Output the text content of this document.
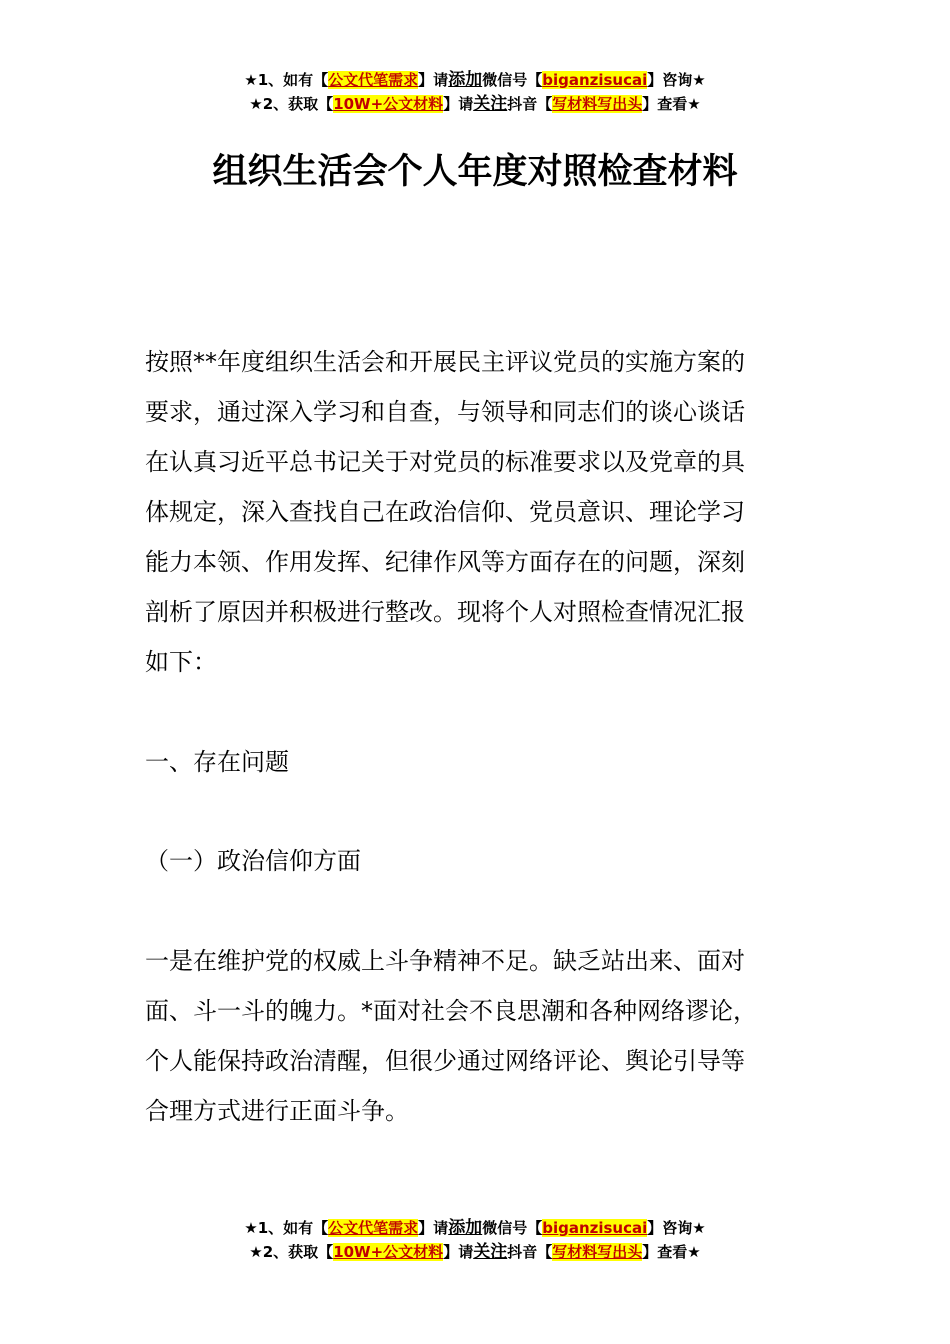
★1、如有【公文代笔需求】请添加微信号【biganzisucai】咨询★
★2、获取【10W+公文材料】请关注抖音【写材料写出头】查看★
组织生活会个人年度对照检查材料
按照**年度组织生活会和开展民主评议党员的实施方案的
要求，通过深入学习和自查，与领导和同志们的谈心谈话
在认真习近平总书记关于对党员的标准要求以及党章的具
体规定，深入查找自己在政治信仰、党员意识、理论学习
能力本领、作用发挥、纪律作风等方面存在的问题，深刻
剖析了原因并积极进行整改。现将个人对照检查情况汇报
如下：
一、存在问题
（一）政治信仰方面
一是在维护党的权威上斗争精神不足。缺乏站出来、面对
面、斗一斗的魄力。*面对社会不良思潮和各种网络谬论，
个人能保持政治清醒，但很少通过网络评论、舆论引导等
合理方式进行正面斗争。
★1、如有【公文代笔需求】请添加微信号【biganzisucai】咨询★
★2、获取【10W+公文材料】请关注抖音【写材料写出头】查看★
